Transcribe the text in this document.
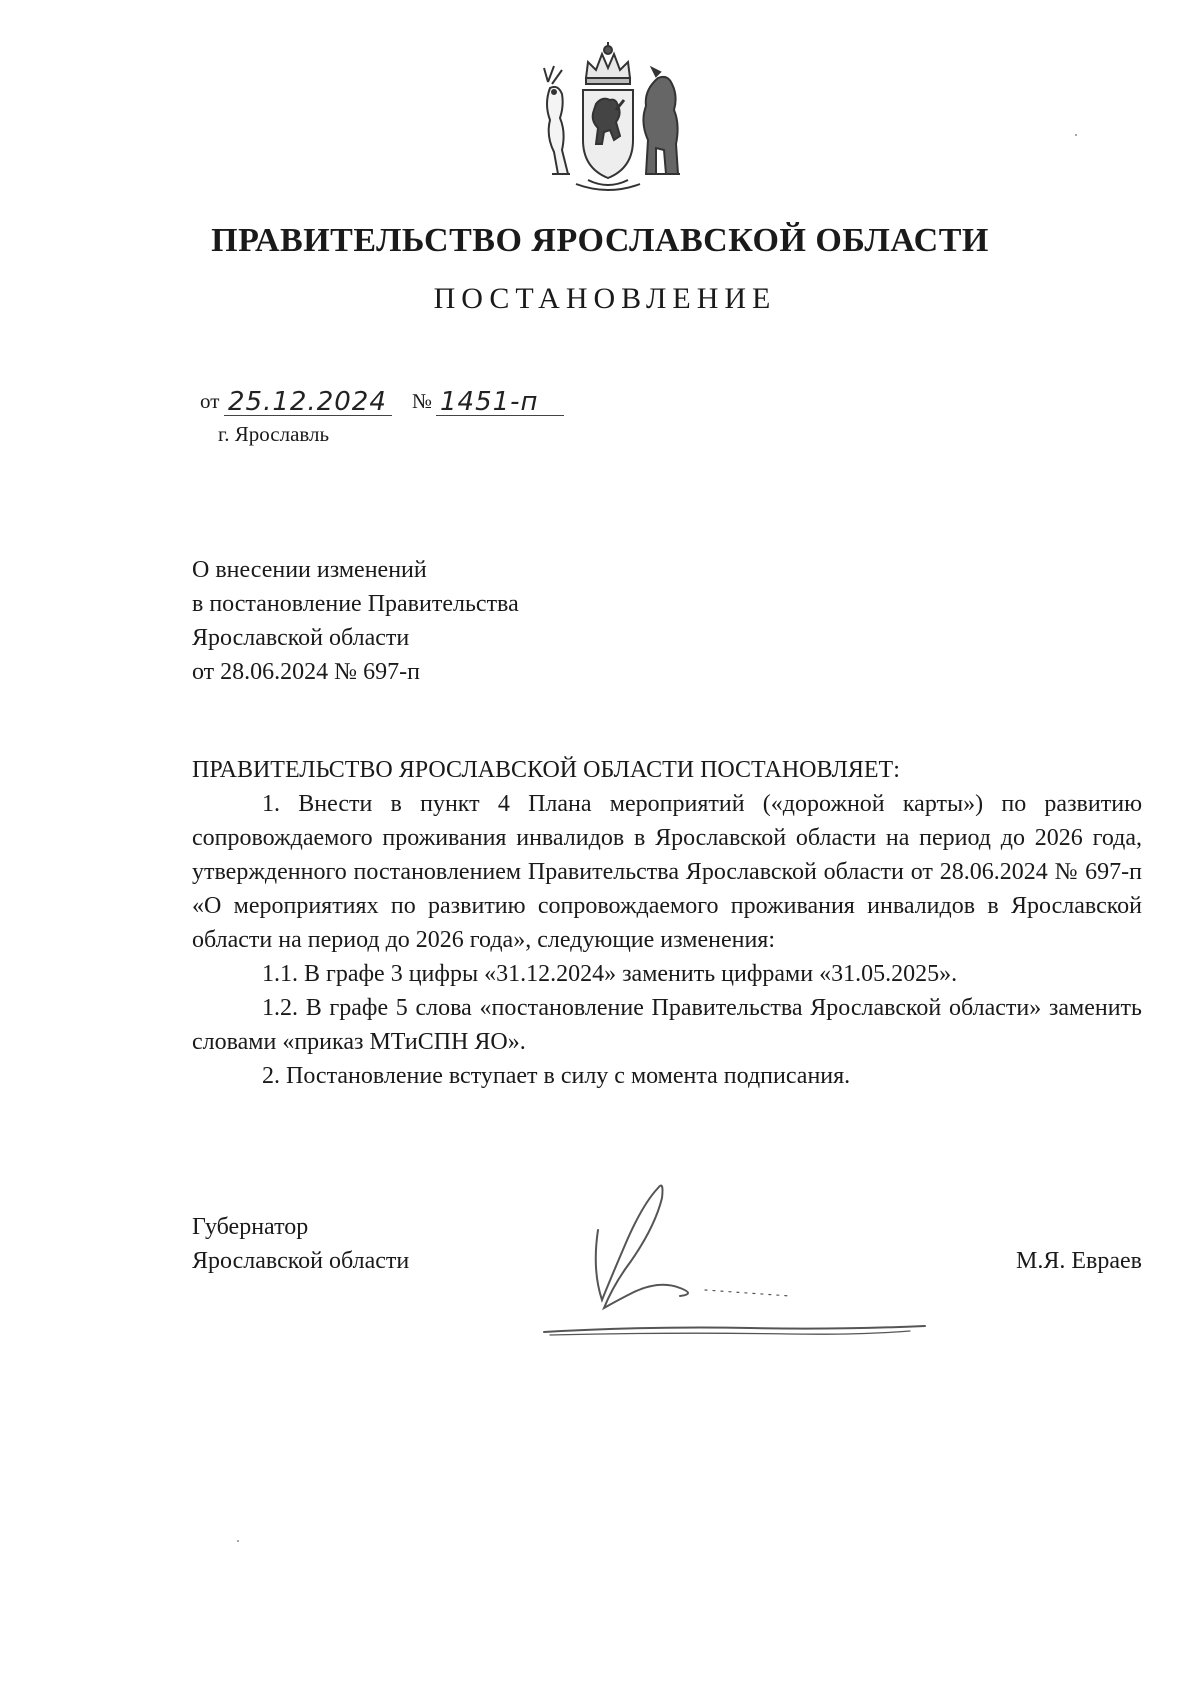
ПРАВИТЕЛЬСТВО ЯРОСЛАВСКОЙ ОБЛАСТИ
ПОСТАНОВЛЕНИЕ
от 25.12.2024 № 1451-п
г. Ярославль
О внесении изменений
в постановление Правительства
Ярославской области
от 28.06.2024 № 697-п
ПРАВИТЕЛЬСТВО ЯРОСЛАВСКОЙ ОБЛАСТИ ПОСТАНОВЛЯЕТ:

1. Внести в пункт 4 Плана мероприятий («дорожной карты») по развитию сопровождаемого проживания инвалидов в Ярославской области на период до 2026 года, утвержденного постановлением Правительства Ярославской области от 28.06.2024 № 697-п «О мероприятиях по развитию сопровождаемого проживания инвалидов в Ярославской области на период до 2026 года», следующие изменения:

1.1. В графе 3 цифры «31.12.2024» заменить цифрами «31.05.2025».

1.2. В графе 5 слова «постановление Правительства Ярославской области» заменить словами «приказ МТиСПН ЯО».

2. Постановление вступает в силу с момента подписания.

Губернатор
Ярославской области	М.Я. Евраев
